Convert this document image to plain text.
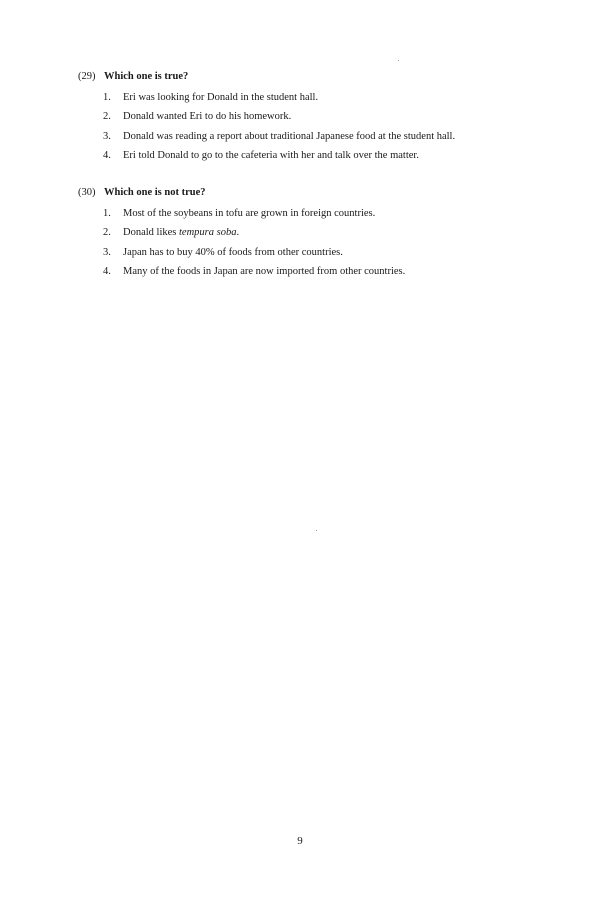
(29) Which one is true?
1.	Eri was looking for Donald in the student hall.
2.	Donald wanted Eri to do his homework.
3.	Donald was reading a report about traditional Japanese food at the student hall.
4.	Eri told Donald to go to the cafeteria with her and talk over the matter.
(30) Which one is not true?
1.	Most of the soybeans in tofu are grown in foreign countries.
2.	Donald likes tempura soba.
3.	Japan has to buy 40% of foods from other countries.
4.	Many of the foods in Japan are now imported from other countries.
9
